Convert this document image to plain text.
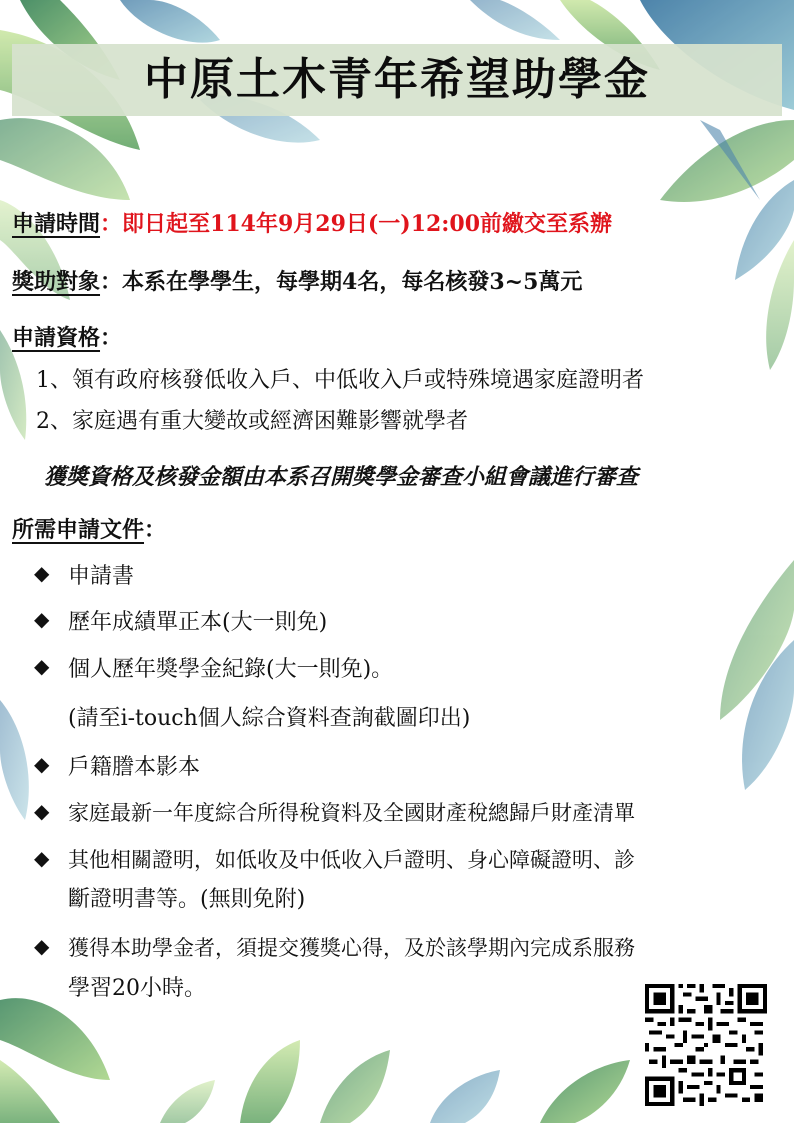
中原土木青年希望助學金
申請時間：即日起至114年9月29日(一)12:00前繳交至系辦
獎助對象：本系在學學生，每學期4名，每名核發3~5萬元
申請資格：
1、領有政府核發低收入戶、中低收入戶或特殊境遇家庭證明者
2、家庭遇有重大變故或經濟困難影響就學者
獲獎資格及核發金額由本系召開獎學金審查小組會議進行審查
所需申請文件：
◆ 申請書
◆ 歷年成績單正本(大一則免)
◆ 個人歷年獎學金紀錄(大一則免)。
(請至i-touch個人綜合資料查詢截圖印出)
◆ 戶籍謄本影本
◆ 家庭最新一年度綜合所得稅資料及全國財產稅總歸戶財產清單
◆ 其他相關證明，如低收及中低收入戶證明、身心障礙證明、診
斷證明書等。(無則免附)
◆ 獲得本助學金者，須提交獲獎心得，及於該學期內完成系服務
學習20小時。
